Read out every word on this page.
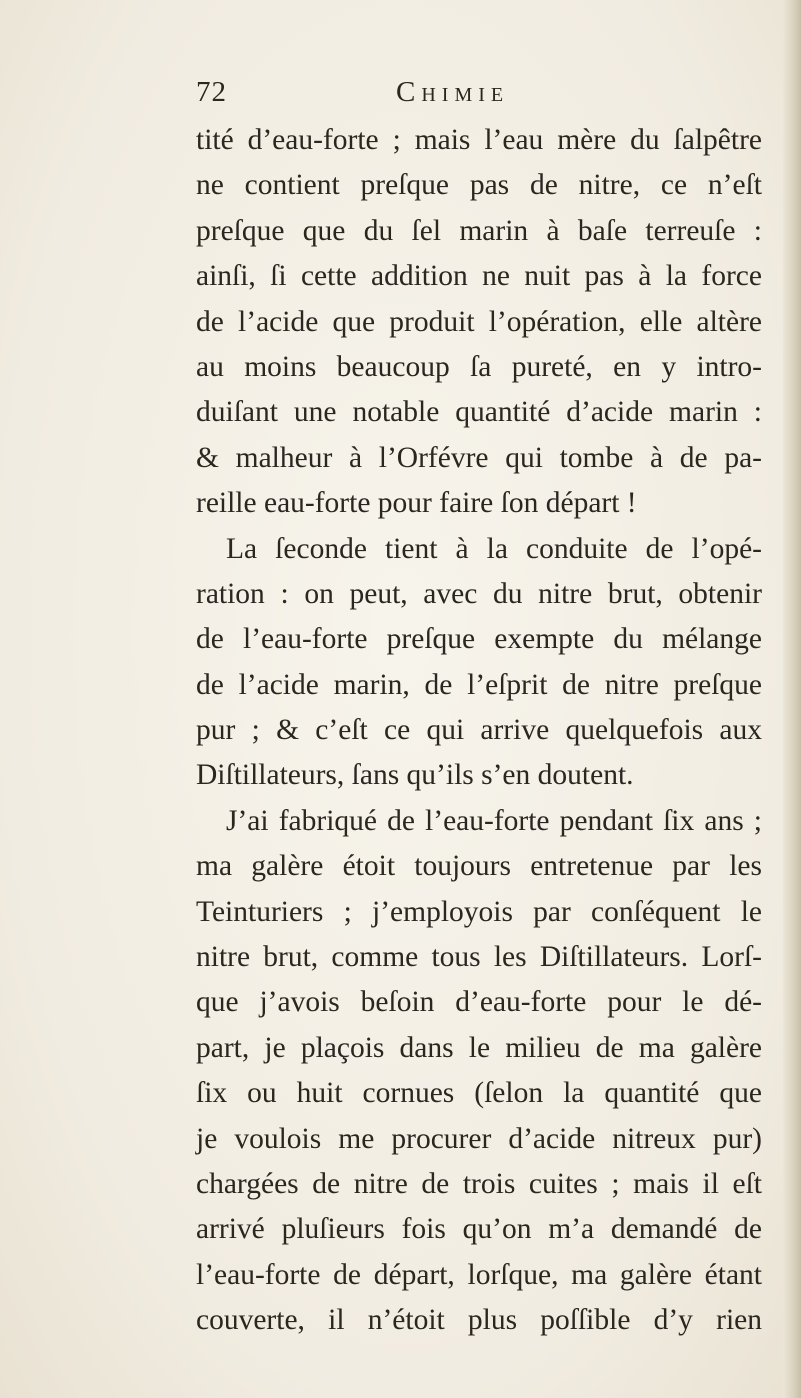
72	Chimie
tité d’eau-forte ; mais l’eau mère du ſalpêtre
ne contient preſque pas de nitre, ce n’eſt
preſque que du ſel marin à baſe terreuſe :
ainſi, ſi cette addition ne nuit pas à la force
de l’acide que produit l’opération, elle altère
au moins beaucoup ſa pureté, en y intro-
duiſant une notable quantité d’acide marin :
& malheur à l’Orfévre qui tombe à de pa-
reille eau-forte pour faire ſon départ !
La ſeconde tient à la conduite de l’opé-
ration : on peut, avec du nitre brut, obtenir
de l’eau-forte preſque exempte du mélange
de l’acide marin, de l’eſprit de nitre preſque
pur ; & c’eſt ce qui arrive quelquefois aux
Diſtillateurs, ſans qu’ils s’en doutent.
J’ai fabriqué de l’eau-forte pendant ſix ans ;
ma galère étoit toujours entretenue par les
Teinturiers ; j’employois par conſéquent le
nitre brut, comme tous les Diſtillateurs. Lorſ-
que j’avois beſoin d’eau-forte pour le dé-
part, je plaçois dans le milieu de ma galère
ſix ou huit cornues (ſelon la quantité que
je voulois me procurer d’acide nitreux pur)
chargées de nitre de trois cuites ; mais il eſt
arrivé pluſieurs fois qu’on m’a demandé de
l’eau-forte de départ, lorſque, ma galère étant
couverte, il n’étoit plus poſſible d’y rien
